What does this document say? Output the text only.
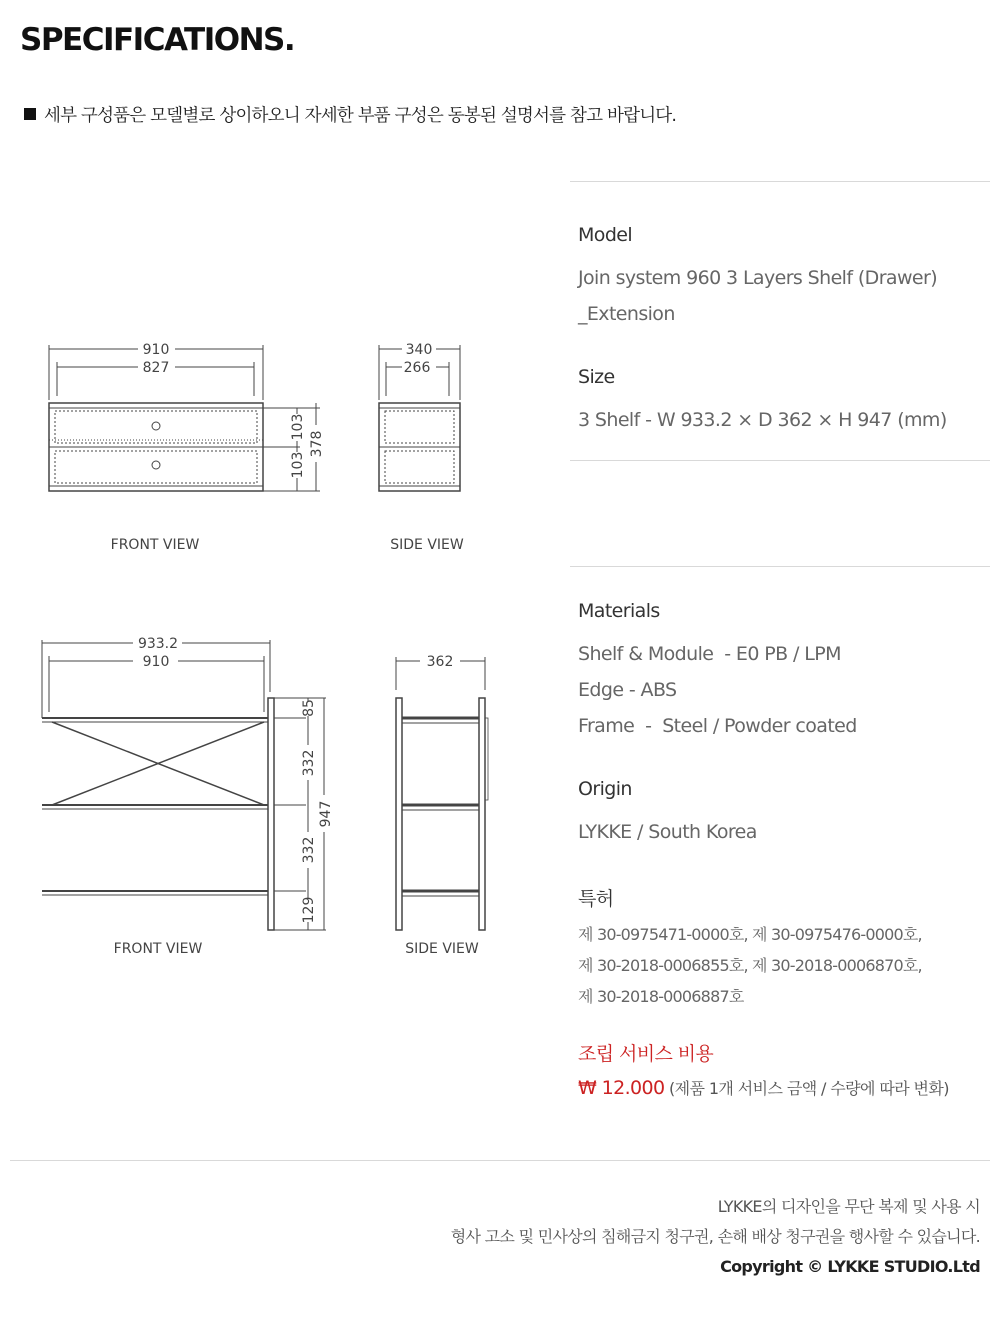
SPECIFICATIONS.
세부 구성품은 모델별로 상이하오니 자세한 부품 구성은 동봉된 설명서를 참고 바랍니다.
910
827
103
103
378
FRONT VIEW
340
266
SIDE VIEW
933.2
910
85
332
332
129
947
FRONT VIEW
362
SIDE VIEW
Model
Join system 960 3 Layers Shelf (Drawer)
_Extension
Size
3 Shelf - W 933.2 × D 362 × H 947 (mm)
Materials
Shelf & Module  - E0 PB / LPM
Edge - ABS
Frame  -  Steel / Powder coated
Origin
LYKKE / South Korea
특허
제 30-0975471-0000호, 제 30-0975476-0000호,
제 30-2018-0006855호, 제 30-2018-0006870호,
제 30-2018-0006887호
조립 서비스 비용
₩ 12.000 (제품 1개 서비스 금액 / 수량에 따라 변화)
LYKKE의 디자인을 무단 복제 및 사용 시
형사 고소 및 민사상의 침해금지 청구권, 손해 배상 청구권을 행사할 수 있습니다.
Copyright © LYKKE STUDIO.Ltd
